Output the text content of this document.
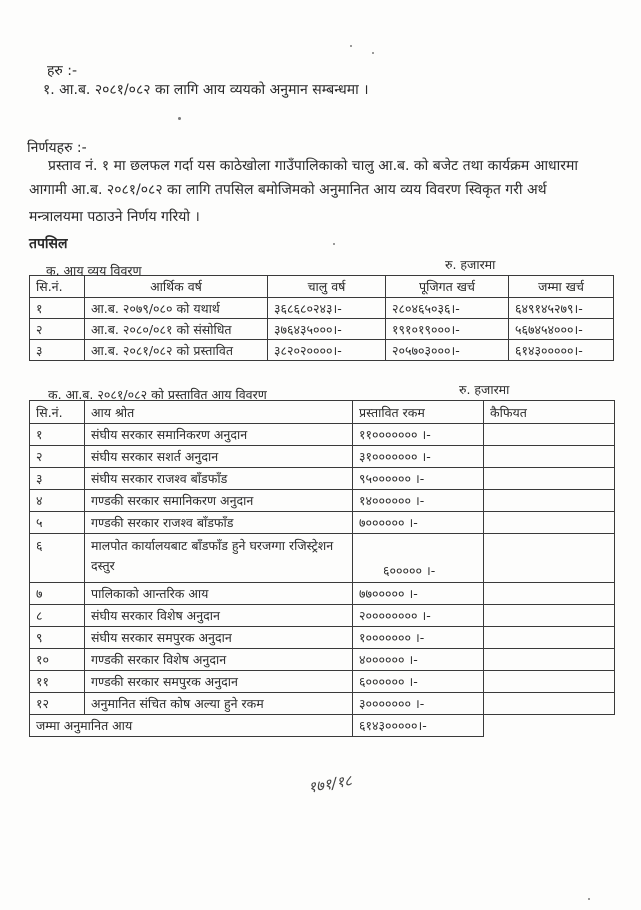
हरु :-
१. आ.ब. २०८१/०८२ का लागि आय व्ययको अनुमान सम्बन्धमा ।
निर्णयहरु :-
प्रस्ताव नं. १ मा छलफल गर्दा यस काठेखोला गाउँपालिकाको चालु आ.ब. को बजेट तथा कार्यक्रम आधारमा
आगामी आ.ब. २०८१/०८२ का लागि तपसिल बमोजिमको अनुमानित आय व्यय विवरण स्विकृत गरी अर्थ
मन्त्रालयमा पठाउने निर्णय गरियो ।
तपसिल
क. आय व्यय विवरण	रु. हजारमा
सि.नं.	आर्थिक वर्ष	चालु वर्ष	पूजिगत खर्च	जम्मा खर्च
१	आ.ब. २०७९/०८० को यथार्थ	३६८६८०२४३।-	२८०४६५०३६।-	६४९१४५२७९।-
२	आ.ब. २०८०/०८१ को संसोधित	३७६४३५०००।-	१९१०१९०००।-	५६७४५४०००।-
३	आ.ब. २०८१/०८२ को प्रस्तावित	३८२०२००००।-	२०५७०३०००।-	६१४३०००००।-
क. आ.ब. २०८१/०८२ को प्रस्तावित आय विवरण	रु. हजारमा
सि.नं.	आय श्रोत	प्रस्तावित रकम	कैफियत
१	संघीय सरकार समानिकरण अनुदान	११००००००० ।-	
२	संघीय सरकार सशर्त अनुदान	३१००००००० ।-	
३	संघीय सरकार राजश्व बाँडफाँड	९५०००००० ।-	
४	गण्डकी सरकार समानिकरण अनुदान	१४०००००० ।-	
५	गण्डकी सरकार राजश्व बाँडफाँड	७०००००० ।-	
६	मालपोत कार्यालयबाट बाँडफाँड हुने घरजग्गा रजिस्ट्रेशन दस्तुर	६००००० ।-	
७	पालिकाको आन्तरिक आय	७७००००० ।-	
८	संघीय सरकार विशेष अनुदान	२०००००००० ।-	
९	संघीय सरकार समपुरक अनुदान	१००००००० ।-	
१०	गण्डकी सरकार विशेष अनुदान	४०००००० ।-	
११	गण्डकी सरकार समपुरक अनुदान	६०००००० ।-	
१२	अनुमानित संचित कोष अल्या हुने रकम	३००००००० ।-	
जम्मा अनुमानित आय		६१४३०००००।-	
१७१/१८
